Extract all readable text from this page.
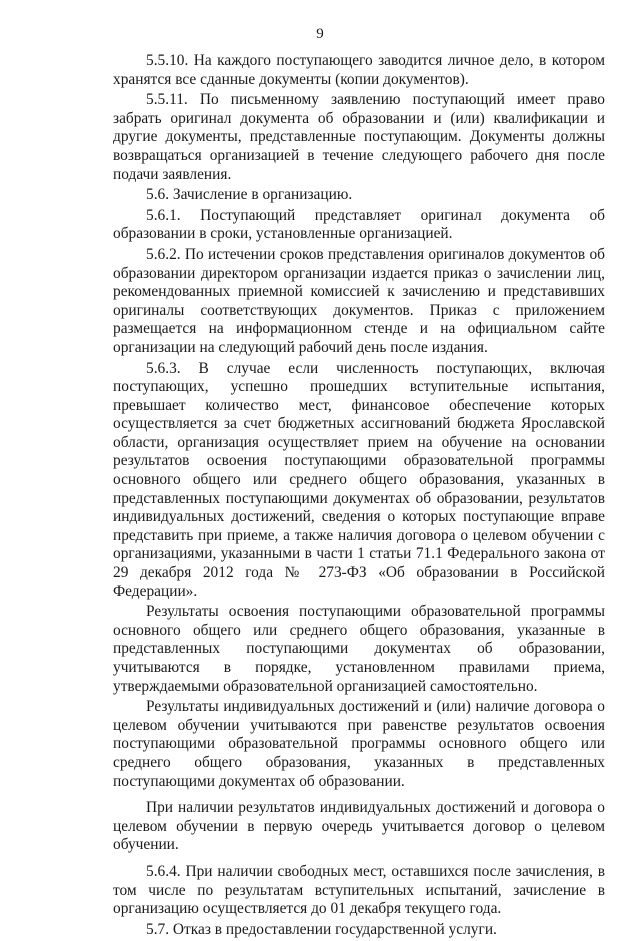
9

5.5.10. На каждого поступающего заводится личное дело, в котором хранятся все сданные документы (копии документов).

5.5.11. По письменному заявлению поступающий имеет право забрать оригинал документа об образовании и (или) квалификации и другие документы, представленные поступающим. Документы должны возвращаться организацией в течение следующего рабочего дня после подачи заявления.

5.6. Зачисление в организацию.

5.6.1. Поступающий представляет оригинал документа об образовании в сроки, установленные организацией.

5.6.2. По истечении сроков представления оригиналов документов об образовании директором организации издается приказ о зачислении лиц, рекомендованных приемной комиссией к зачислению и представивших оригиналы соответствующих документов. Приказ с приложением размещается на информационном стенде и на официальном сайте организации на следующий рабочий день после издания.

5.6.3. В случае если численность поступающих, включая поступающих, успешно прошедших вступительные испытания, превышает количество мест, финансовое обеспечение которых осуществляется за счет бюджетных ассигнований бюджета Ярославской области, организация осуществляет прием на обучение на основании результатов освоения поступающими образовательной программы основного общего или среднего общего образования, указанных в представленных поступающими документах об образовании, результатов индивидуальных достижений, сведения о которых поступающие вправе представить при приеме, а также наличия договора о целевом обучении с организациями, указанными в части 1 статьи 71.1 Федерального закона от 29 декабря 2012 года № 273-ФЗ «Об образовании в Российской Федерации».

Результаты освоения поступающими образовательной программы основного общего или среднего общего образования, указанные в представленных поступающими документах об образовании, учитываются в порядке, установленном правилами приема, утверждаемыми образовательной организацией самостоятельно.

Результаты индивидуальных достижений и (или) наличие договора о целевом обучении учитываются при равенстве результатов освоения поступающими образовательной программы основного общего или среднего общего образования, указанных в представленных поступающими документах об образовании.

При наличии результатов индивидуальных достижений и договора о целевом обучении в первую очередь учитывается договор о целевом обучении.

5.6.4. При наличии свободных мест, оставшихся после зачисления, в том числе по результатам вступительных испытаний, зачисление в организацию осуществляется до 01 декабря текущего года.

5.7. Отказ в предоставлении государственной услуги.
